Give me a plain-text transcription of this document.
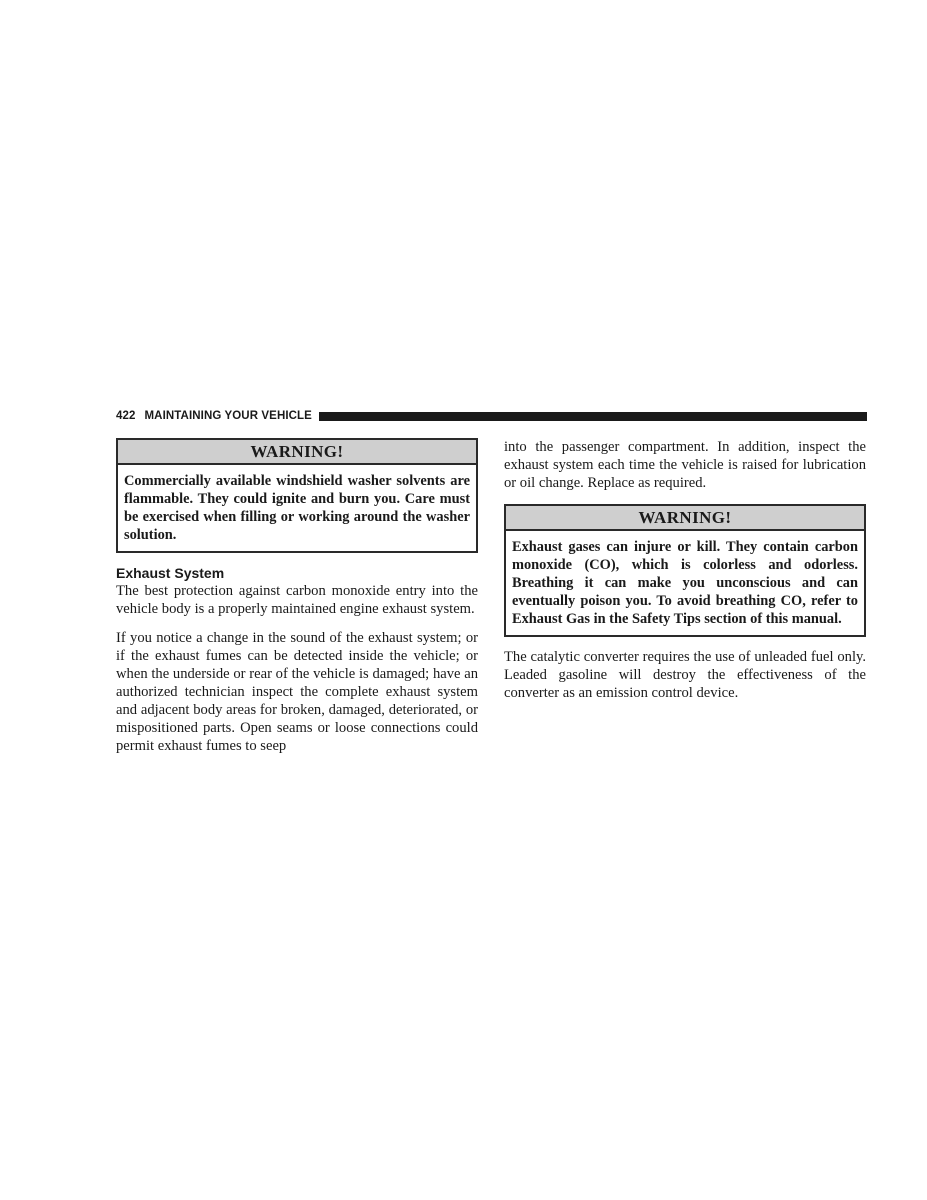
422 MAINTAINING YOUR VEHICLE
WARNING!
Commercially available windshield washer solvents are flammable. They could ignite and burn you. Care must be exercised when filling or working around the washer solution.
Exhaust System

The best protection against carbon monoxide entry into the vehicle body is a properly maintained engine exhaust system.

If you notice a change in the sound of the exhaust system; or if the exhaust fumes can be detected inside the vehicle; or when the underside or rear of the vehicle is damaged; have an authorized technician inspect the complete exhaust system and adjacent body areas for broken, damaged, deteriorated, or mispositioned parts. Open seams or loose connections could permit exhaust fumes to seep

into the passenger compartment. In addition, inspect the exhaust system each time the vehicle is raised for lubrication or oil change. Replace as required.

WARNING!
Exhaust gases can injure or kill. They contain carbon monoxide (CO), which is colorless and odorless. Breathing it can make you unconscious and can eventually poison you. To avoid breathing CO, refer to Exhaust Gas in the Safety Tips section of this manual.

The catalytic converter requires the use of unleaded fuel only. Leaded gasoline will destroy the effectiveness of the converter as an emission control device.
